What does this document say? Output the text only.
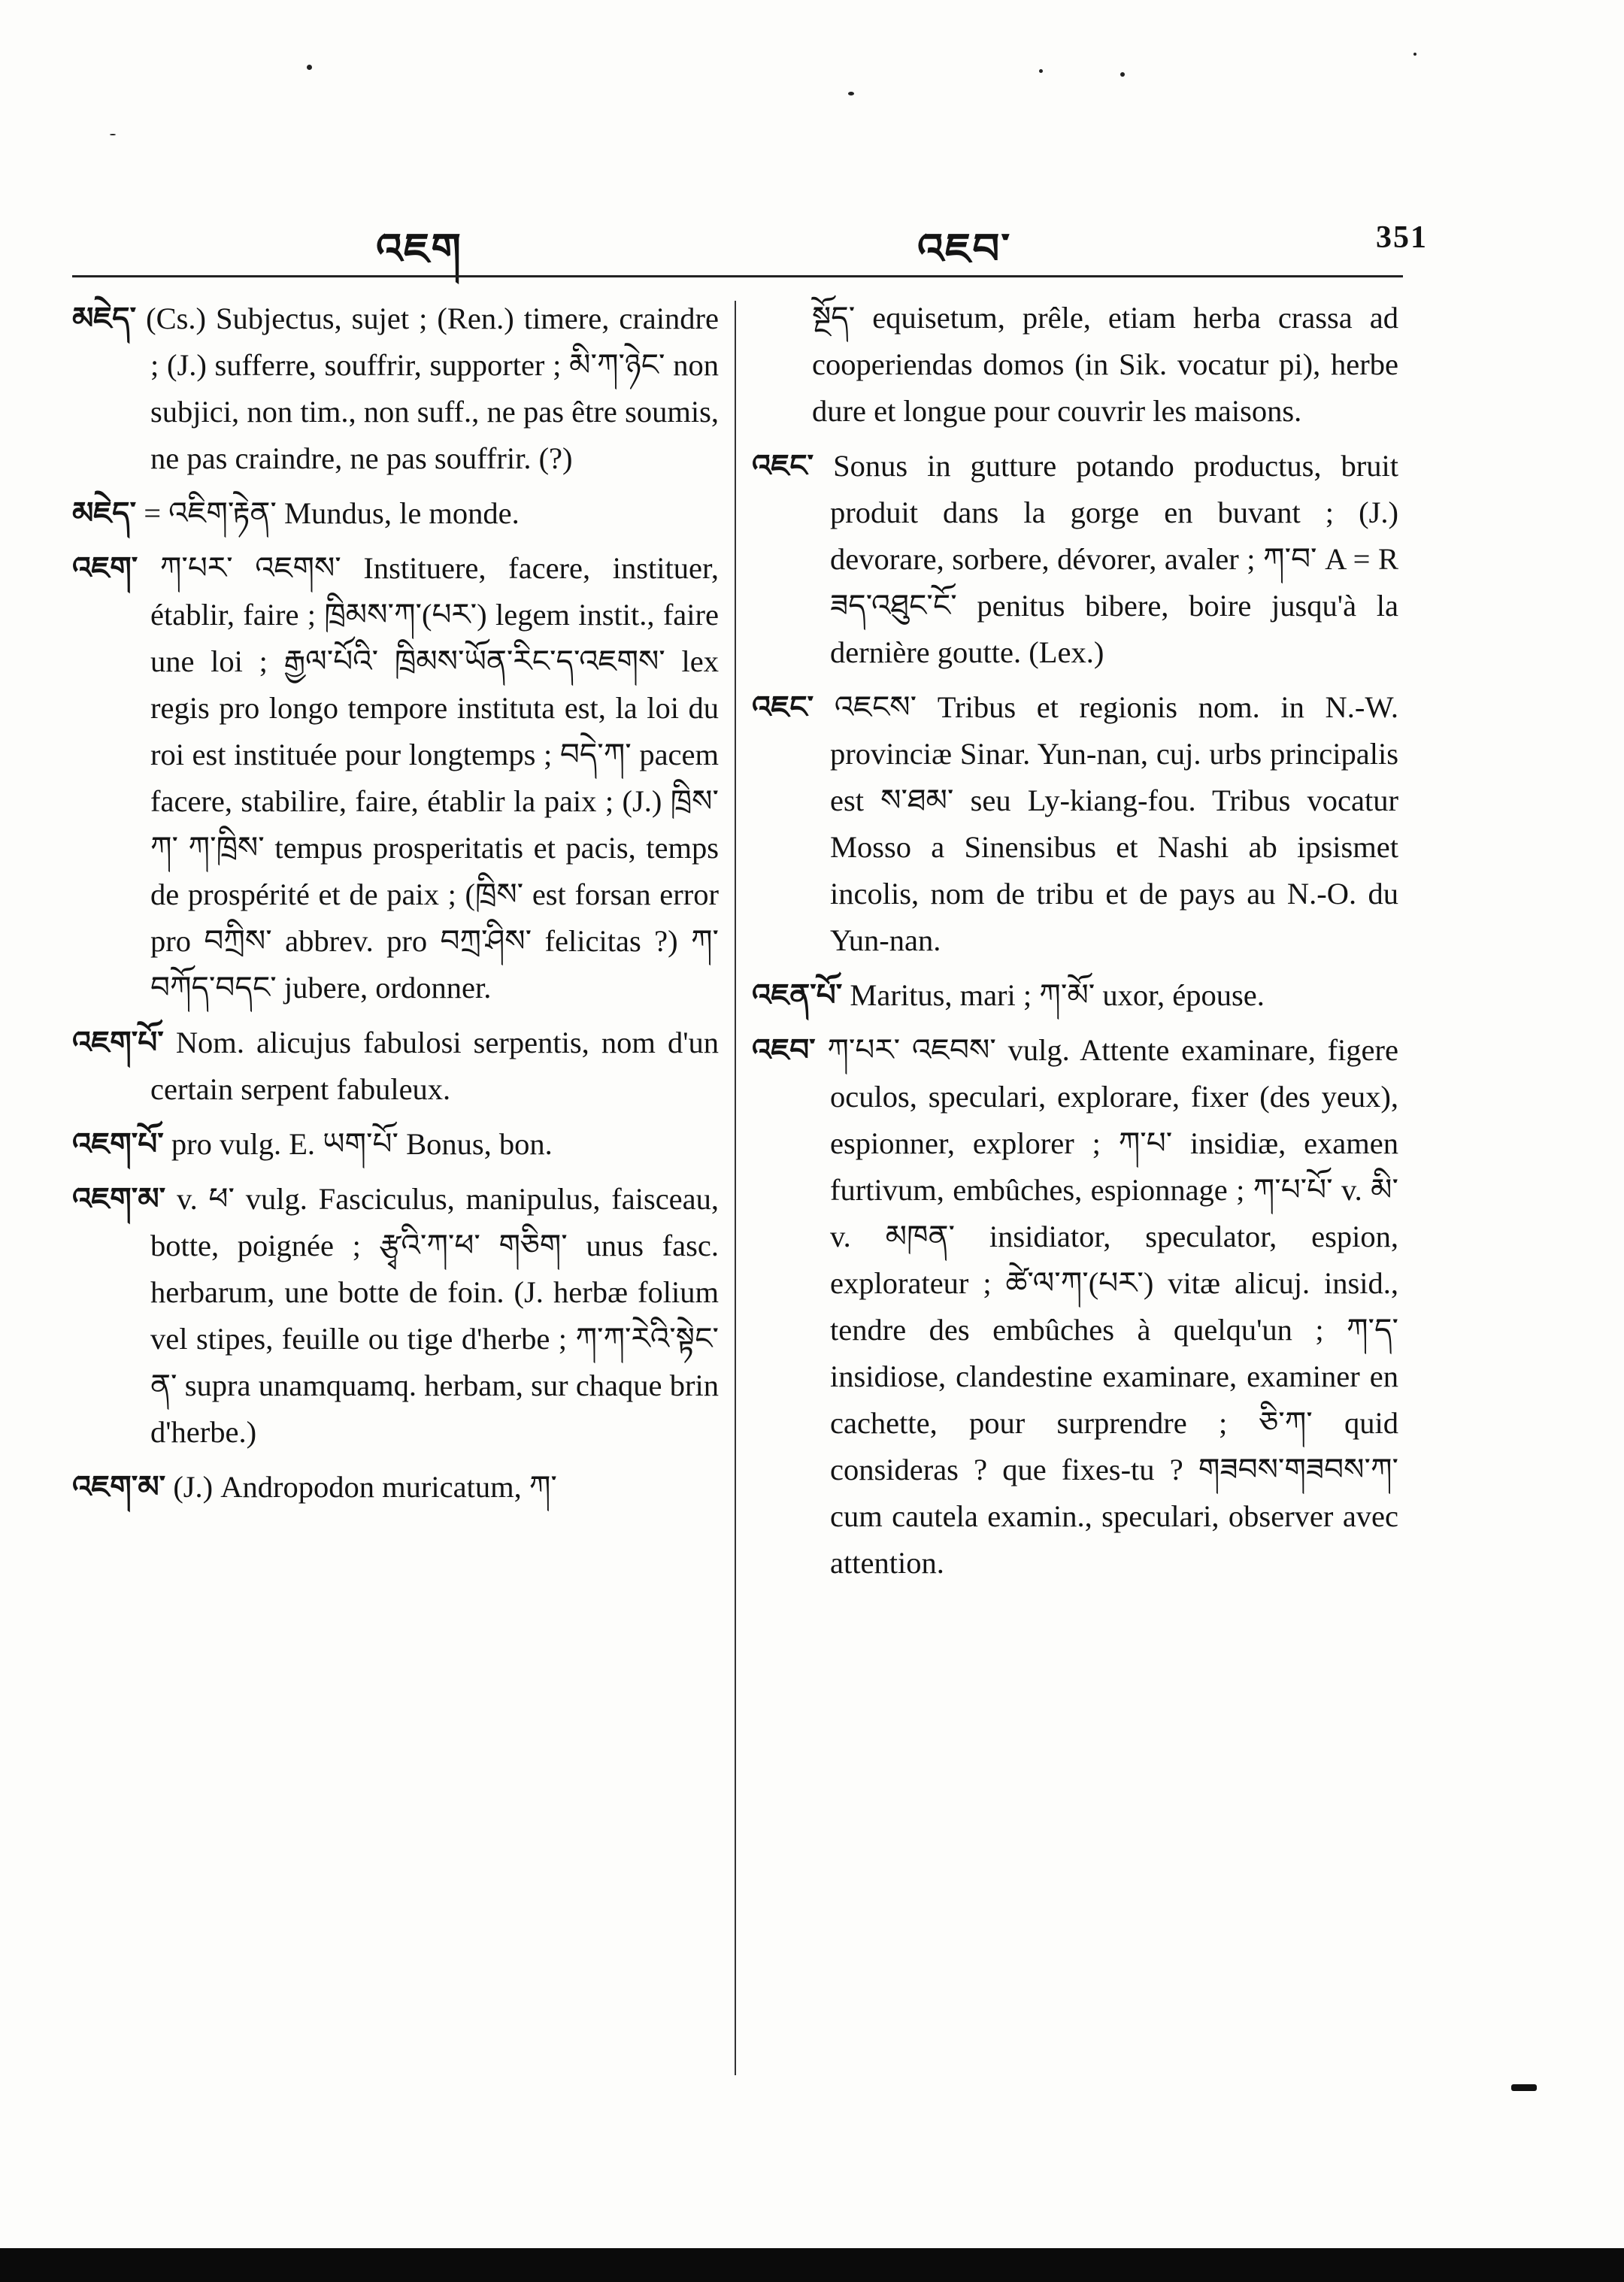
འཇག	འཇབ་	351

མཇེད་ (Cs.) Subjectus, sujet ; (Ren.) timere, craindre ; (J.) sufferre, souffrir, supporter ; མི་ཀ་ཉེང་ non subjici, non tim., non suff., ne pas être soumis, ne pas craindre, ne pas souffrir. (?)

མཇེད་ = འཇིག་རྟེན་ Mundus, le monde.

འཇག་ ཀ་པར་ འཇགས་ Instituere, facere, instituer, établir, faire ; ཁྲིམས་ཀ་(པར་) legem instit., faire une loi ; རྒྱལ་པོའི་ ཁྲིམས་ཡོན་རིང་ད་འཇགས་ lex regis pro longo tempore instituta est, la loi du roi est instituée pour longtemps ; བདེ་ཀ་ pacem facere, stabilire, faire, établir la paix ; (J.) ཁྲིས་ཀ་ ཀ་ཁྲིས་ tempus prosperitatis et pacis, temps de prospérité et de paix ; (ཁྲིས་ est forsan error pro བཀྲིས་ abbrev. pro བཀྲ་ཤིས་ felicitas ?) ཀ་བཀོད་བདང་ jubere, ordonner.

འཇག་པོ་ Nom. alicujus fabulosi serpentis, nom d'un certain serpent fabuleux.

འཇག་པོ་ pro vulg. E. ཡག་པོ་ Bonus, bon.

འཇག་མ་ v. ཕ་ vulg. Fasciculus, manipulus, faisceau, botte, poignée ; རྩྭའི་ཀ་ཕ་ གཅིག་ unus fasc. herbarum, une botte de foin. (J. herbæ folium vel stipes, feuille ou tige d'herbe ; ཀ་ཀ་རེའི་སྟེང་ན་ supra unamquamq. herbam, sur chaque brin d'herbe.)

འཇག་མ་ (J.) Andropodon muricatum, ཀ་

སྔོད་ equisetum, prêle, etiam herba crassa ad cooperiendas domos (in Sik. vocatur pi), herbe dure et longue pour couvrir les maisons.

འཇང་ Sonus in gutture potando productus, bruit produit dans la gorge en buvant ; (J.) devorare, sorbere, dévorer, avaler ; ཀ་བ་ A = R ཟད་འཐུང་ངོ་ penitus bibere, boire jusqu'à la dernière goutte. (Lex.)

འཇང་ འཇངས་ Tribus et regionis nom. in N.-W. provinciæ Sinar. Yun-nan, cuj. urbs principalis est ས་ཐམ་ seu Ly-kiang-fou. Tribus vocatur Mosso a Sinensibus et Nashi ab ipsismet incolis, nom de tribu et de pays au N.-O. du Yun-nan.

འཇན་པོ་ Maritus, mari ; ཀ་མོ་ uxor, épouse.

འཇབ་ ཀ་པར་ འཇབས་ vulg. Attente examinare, figere oculos, speculari, explorare, fixer (des yeux), espionner, explorer ; ཀ་པ་ insidiæ, examen furtivum, embûches, espionnage ; ཀ་པ་པོ་ v. མི་ v. མཁན་ insidiator, speculator, espion, explorateur ; ཚེ་ལ་ཀ་(པར་) vitæ alicuj. insid., tendre des embûches à quelqu'un ; ཀ་ད་ insidiose, clandestine examinare, examiner en cachette, pour surprendre ; ཅི་ཀ་ quid consideras ? que fixes-tu ? གཟབས་གཟབས་ཀ་ cum cautela examin., speculari, observer avec attention.
